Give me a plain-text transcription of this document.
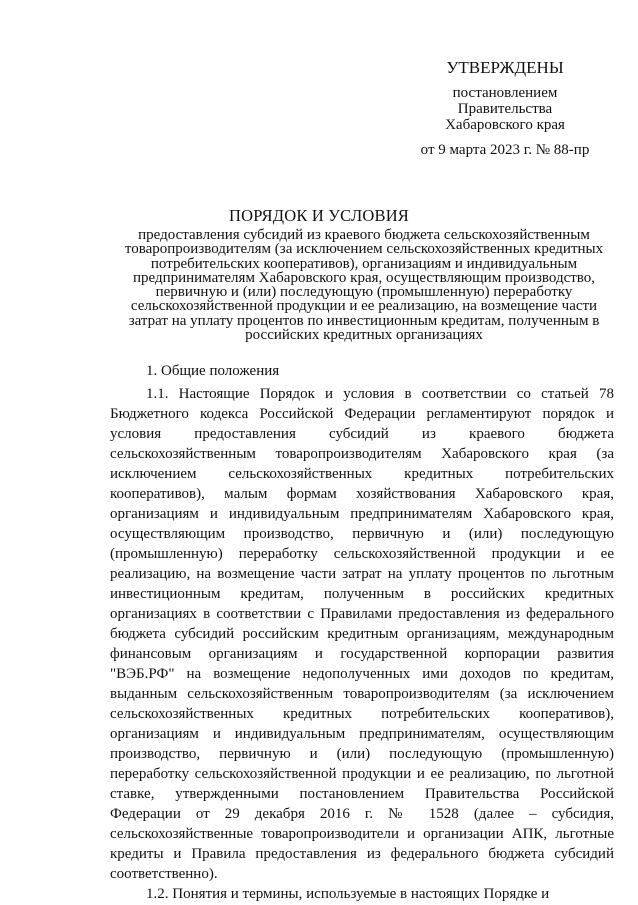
УТВЕРЖДЕНЫ
постановлением
Правительства
Хабаровского края
от 9 марта 2023 г. № 88-пр
ПОРЯДОК И УСЛОВИЯ
предоставления субсидий из краевого бюджета сельскохозяйственным товаропроизводителям (за исключением сельскохозяйственных кредитных потребительских кооперативов), организациям и индивидуальным предпринимателям Хабаровского края, осуществляющим производство, первичную и (или) последующую (промышленную) переработку сельскохозяйственной продукции и ее реализацию, на возмещение части затрат на уплату процентов по инвестиционным кредитам, полученным в российских кредитных организациях
1. Общие положения

1.1. Настоящие Порядок и условия в соответствии со статьей 78 Бюджетного кодекса Российской Федерации регламентируют порядок и условия предоставления субсидий из краевого бюджета сельскохозяйственным товаропроизводителям Хабаровского края (за исключением сельскохозяйственных кредитных потребительских кооперативов), малым формам хозяйствования Хабаровского края, организациям и индивидуальным предпринимателям Хабаровского края, осуществляющим производство, первичную и (или) последующую (промышленную) переработку сельскохозяйственной продукции и ее реализацию, на возмещение части затрат на уплату процентов по льготным инвестиционным кредитам, полученным в российских кредитных организациях в соответствии с Правилами предоставления из федерального бюджета субсидий российским кредитным организациям, международным финансовым организациям и государственной корпорации развития "ВЭБ.РФ" на возмещение недополученных ими доходов по кредитам, выданным сельскохозяйственным товаропроизводителям (за исключением сельскохозяйственных кредитных потребительских кооперативов), организациям и индивидуальным предпринимателям, осуществляющим производство, первичную и (или) последующую (промышленную) переработку сельскохозяйственной продукции и ее реализацию, по льготной ставке, утвержденными постановлением Правительства Российской Федерации от 29 декабря 2016 г. № 1528 (далее – субсидия, сельскохозяйственные товаропроизводители и организации АПК, льготные кредиты и Правила предоставления из федерального бюджета субсидий соответственно).

1.2. Понятия и термины, используемые в настоящих Порядке и
